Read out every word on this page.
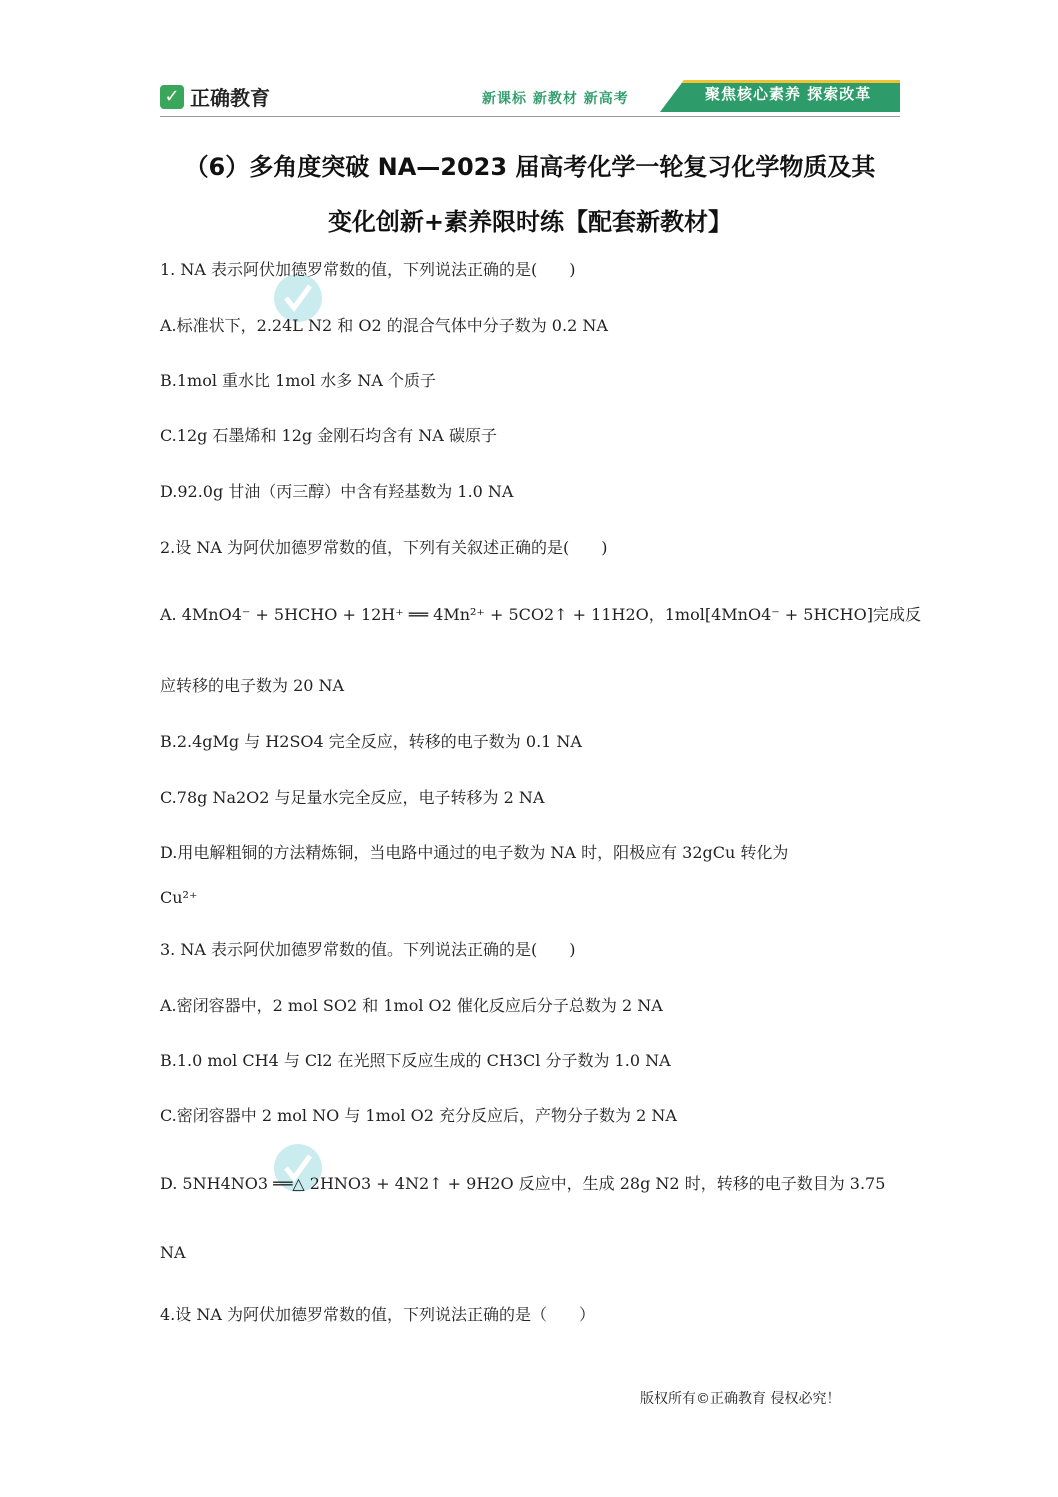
✓ 正确教育	新课标 新教材 新高考	聚焦核心素养 探索改革
（6）多角度突破 NA—2023 届高考化学一轮复习化学物质及其
变化创新+素养限时练【配套新教材】
1. NA 表示阿伏加德罗常数的值，下列说法正确的是(　　)
A.标准状下，2.24L N2 和 O2 的混合气体中分子数为 0.2 NA
B.1mol 重水比 1mol 水多 NA 个质子
C.12g 石墨烯和 12g 金刚石均含有 NA 碳原子
D.92.0g 甘油（丙三醇）中含有羟基数为 1.0 NA
2.设 NA 为阿伏加德罗常数的值，下列有关叙述正确的是(　　)
A. 4MnO4⁻ + 5HCHO + 12H⁺ ══ 4Mn²⁺ + 5CO2↑ + 11H2O，1mol[4MnO4⁻ + 5HCHO]完成反
应转移的电子数为 20 NA
B.2.4gMg 与 H2SO4 完全反应，转移的电子数为 0.1 NA
C.78g Na2O2 与足量水完全反应，电子转移为 2 NA
D.用电解粗铜的方法精炼铜，当电路中通过的电子数为 NA 时，阳极应有 32gCu 转化为
Cu²⁺
3. NA 表示阿伏加德罗常数的值。下列说法正确的是(　　)
A.密闭容器中，2 mol SO2 和 1mol O2 催化反应后分子总数为 2 NA
B.1.0 mol CH4 与 Cl2 在光照下反应生成的 CH3Cl 分子数为 1.0 NA
C.密闭容器中 2 mol NO 与 1mol O2 充分反应后，产物分子数为 2 NA
D. 5NH4NO3 ══△ 2HNO3 + 4N2↑ + 9H2O 反应中，生成 28g N2 时，转移的电子数目为 3.75
NA
4.设 NA 为阿伏加德罗常数的值，下列说法正确的是（　　）
版权所有©正确教育 侵权必究！
